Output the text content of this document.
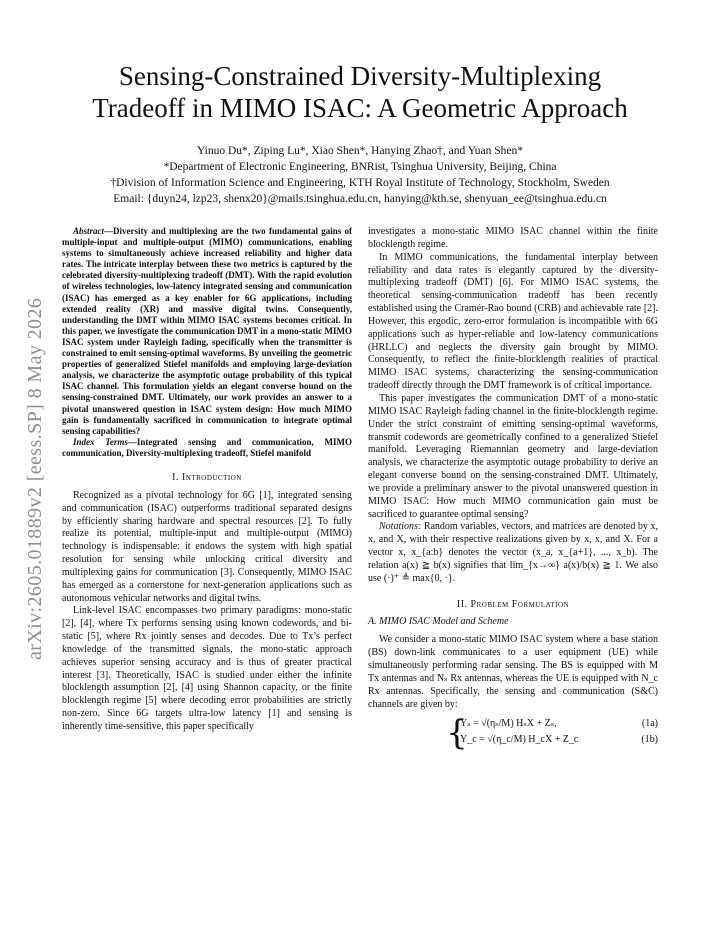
Sensing-Constrained Diversity-Multiplexing
Tradeoff in MIMO ISAC: A Geometric Approach
Yinuo Du*, Ziping Lu*, Xiao Shen*, Hanying Zhao†, and Yuan Shen*
*Department of Electronic Engineering, BNRist, Tsinghua University, Beijing, China
†Division of Information Science and Engineering, KTH Royal Institute of Technology, Stockholm, Sweden
Email: {duyn24, lzp23, shenx20}@mails.tsinghua.edu.cn, hanying@kth.se, shenyuan_ee@tsinghua.edu.cn
arXiv:2605.01889v2 [eess.SP] 8 May 2026

Abstract—Diversity and multiplexing are the two fundamental gains of multiple-input and multiple-output (MIMO) communications, enabling systems to simultaneously achieve increased reliability and higher data rates. The intricate interplay between these two metrics is captured by the celebrated diversity-multiplexing tradeoff (DMT). With the rapid evolution of wireless technologies, low-latency integrated sensing and communication (ISAC) has emerged as a key enabler for 6G applications, including extended reality (XR) and massive digital twins. Consequently, understanding the DMT within MIMO ISAC systems becomes critical. In this paper, we investigate the communication DMT in a mono-static MIMO ISAC system under Rayleigh fading, specifically when the transmitter is constrained to emit sensing-optimal waveforms. By unveiling the geometric properties of generalized Stiefel manifolds and employing large-deviation analysis, we characterize the asymptotic outage probability of this typical ISAC channel. This formulation yields an elegant converse bound on the sensing-constrained DMT. Ultimately, our work provides an answer to a pivotal unanswered question in ISAC system design: How much MIMO gain is fundamentally sacrificed in communication to integrate optimal sensing capabilities?

Index Terms—Integrated sensing and communication, MIMO communication, Diversity-multiplexing tradeoff, Stiefel manifold

I. Introduction

Recognized as a pivotal technology for 6G [1], integrated sensing and communication (ISAC) outperforms traditional separated designs by efficiently sharing hardware and spectral resources [2]. To fully realize its potential, multiple-input and multiple-output (MIMO) technology is indispensable: it endows the system with high spatial resolution for sensing while unlocking critical diversity and multiplexing gains for communication [3]. Consequently, MIMO ISAC has emerged as a cornerstone for next-generation applications such as autonomous vehicular networks and digital twins.

Link-level ISAC encompasses two primary paradigms: mono-static [2], [4], where Tx performs sensing using known codewords, and bi-static [5], where Rx jointly senses and decodes. Due to Tx’s perfect knowledge of the transmitted signals, the mono-static approach achieves superior sensing accuracy and is thus of greater practical interest [3]. Theoretically, ISAC is studied under either the infinite blocklength assumption [2], [4] using Shannon capacity, or the finite blocklength regime [5] where decoding error probabilities are strictly non-zero. Since 6G targets ultra-low latency [1] and sensing is inherently time-sensitive, this paper specifically

investigates a mono-static MIMO ISAC channel within the finite blocklength regime.

In MIMO communications, the fundamental interplay between reliability and data rates is elegantly captured by the diversity-multiplexing tradeoff (DMT) [6]. For MIMO ISAC systems, the theoretical sensing-communication tradeoff has been recently established using the Cramér-Rao bound (CRB) and achievable rate [2]. However, this ergodic, zero-error formulation is incompatible with 6G applications such as hyper-reliable and low-latency communications (HRLLC) and neglects the diversity gain brought by MIMO. Consequently, to reflect the finite-blocklength realities of practical MIMO ISAC systems, characterizing the sensing-communication tradeoff directly through the DMT framework is of critical importance.

This paper investigates the communication DMT of a mono-static MIMO ISAC Rayleigh fading channel in the finite-blocklength regime. Under the strict constraint of emitting sensing-optimal waveforms, transmit codewords are geometrically confined to a generalized Stiefel manifold. Leveraging Riemannian geometry and large-deviation analysis, we characterize the asymptotic outage probability to derive an elegant converse bound on the sensing-constrained DMT. Ultimately, we provide a preliminary answer to the pivotal unanswered question in MIMO ISAC: How much MIMO communication gain must be sacrificed to guarantee optimal sensing?

Notations: Random variables, vectors, and matrices are denoted by x, x, and X, with their respective realizations given by x, x, and X. For a vector x, x_{a:b} denotes the vector (x_a, x_{a+1}, ..., x_b). The relation a(x) ≧ b(x) signifies that lim_{x→∞} a(x)/b(x) ≧ 1. We also use (·)⁺ ≜ max{0, ·}.

II. Problem Formulation
A. MIMO ISAC Model and Scheme

We consider a mono-static MIMO ISAC system where a base station (BS) down-link communicates to a user equipment (UE) while simultaneously performing radar sensing. The BS is equipped with M Tx antennas and Nₛ Rx antennas, whereas the UE is equipped with N_c Rx antennas. Specifically, the sensing and communication (S&C) channels are given by:

{
Yₛ = √(ηₛ/M) HₛX + Zₛ,	(1a)
Y_c = √(η_c/M) H_cX + Z_c	(1b)
